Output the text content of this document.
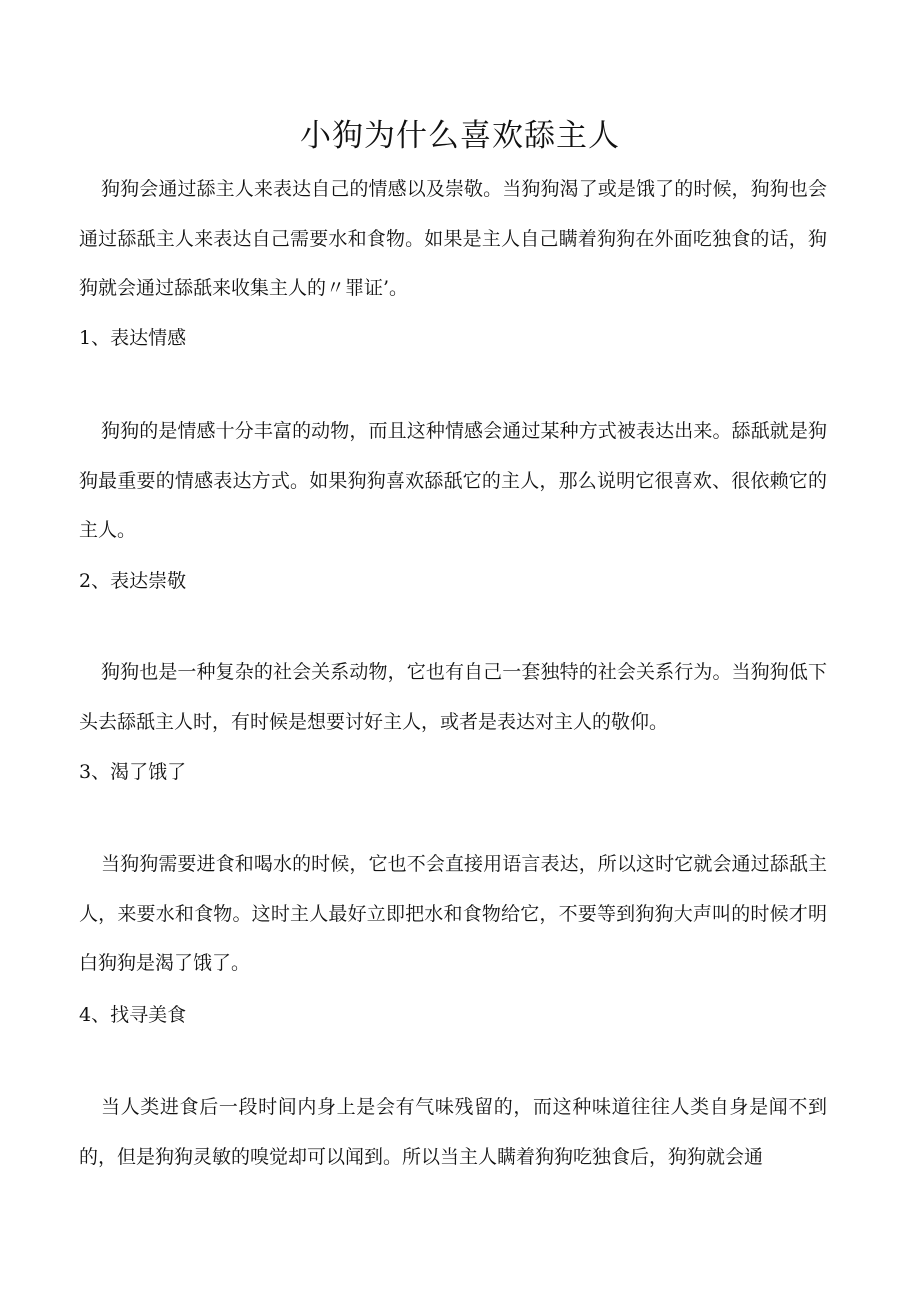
小狗为什么喜欢舔主人
狗狗会通过舔主人来表达自己的情感以及崇敬。当狗狗渴了或是饿了的时候，狗狗也会通过舔舐主人来表达自己需要水和食物。如果是主人自己瞒着狗狗在外面吃独食的话，狗狗就会通过舔舐来收集主人的〃罪证’。
1、表达情感
狗狗的是情感十分丰富的动物，而且这种情感会通过某种方式被表达出来。舔舐就是狗狗最重要的情感表达方式。如果狗狗喜欢舔舐它的主人，那么说明它很喜欢、很依赖它的主人。
2、表达崇敬
狗狗也是一种复杂的社会关系动物，它也有自己一套独特的社会关系行为。当狗狗低下头去舔舐主人时，有时候是想要讨好主人，或者是表达对主人的敬仰。
3、渴了饿了
当狗狗需要进食和喝水的时候，它也不会直接用语言表达，所以这时它就会通过舔舐主人，来要水和食物。这时主人最好立即把水和食物给它，不要等到狗狗大声叫的时候才明白狗狗是渴了饿了。
4、找寻美食
当人类进食后一段时间内身上是会有气味残留的，而这种味道往往人类自身是闻不到的，但是狗狗灵敏的嗅觉却可以闻到。所以当主人瞒着狗狗吃独食后，狗狗就会通
